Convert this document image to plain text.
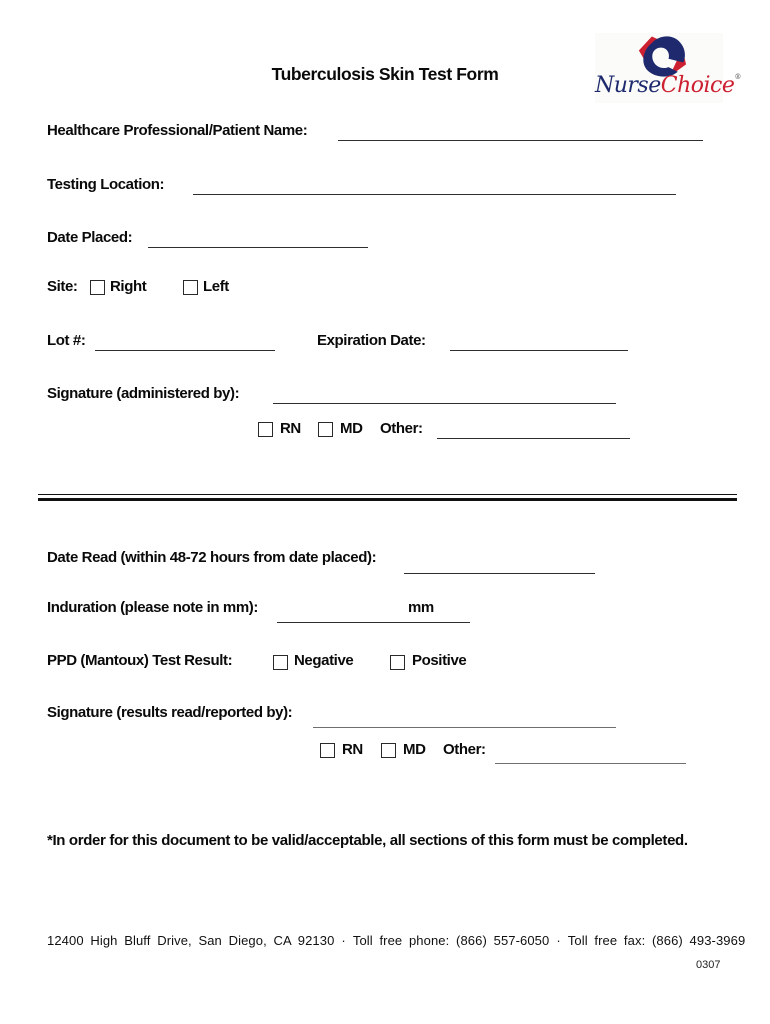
Tuberculosis Skin Test Form	NurseChoice®
Healthcare Professional/Patient Name:
Testing Location:
Date Placed:
Site: Right	Left
Lot #:	Expiration Date:
Signature (administered by):
RN	MD Other:
Date Read (within 48-72 hours from date placed):
Induration (please note in mm):	mm
PPD (Mantoux) Test Result:	Negative	Positive
Signature (results read/reported by):
RN	MD Other:
*In order for this document to be valid/acceptable, all sections of this form must be completed.
12400 High Bluff Drive, San Diego, CA 92130 · Toll free phone: (866) 557-6050 · Toll free fax: (866) 493-3969
0307
